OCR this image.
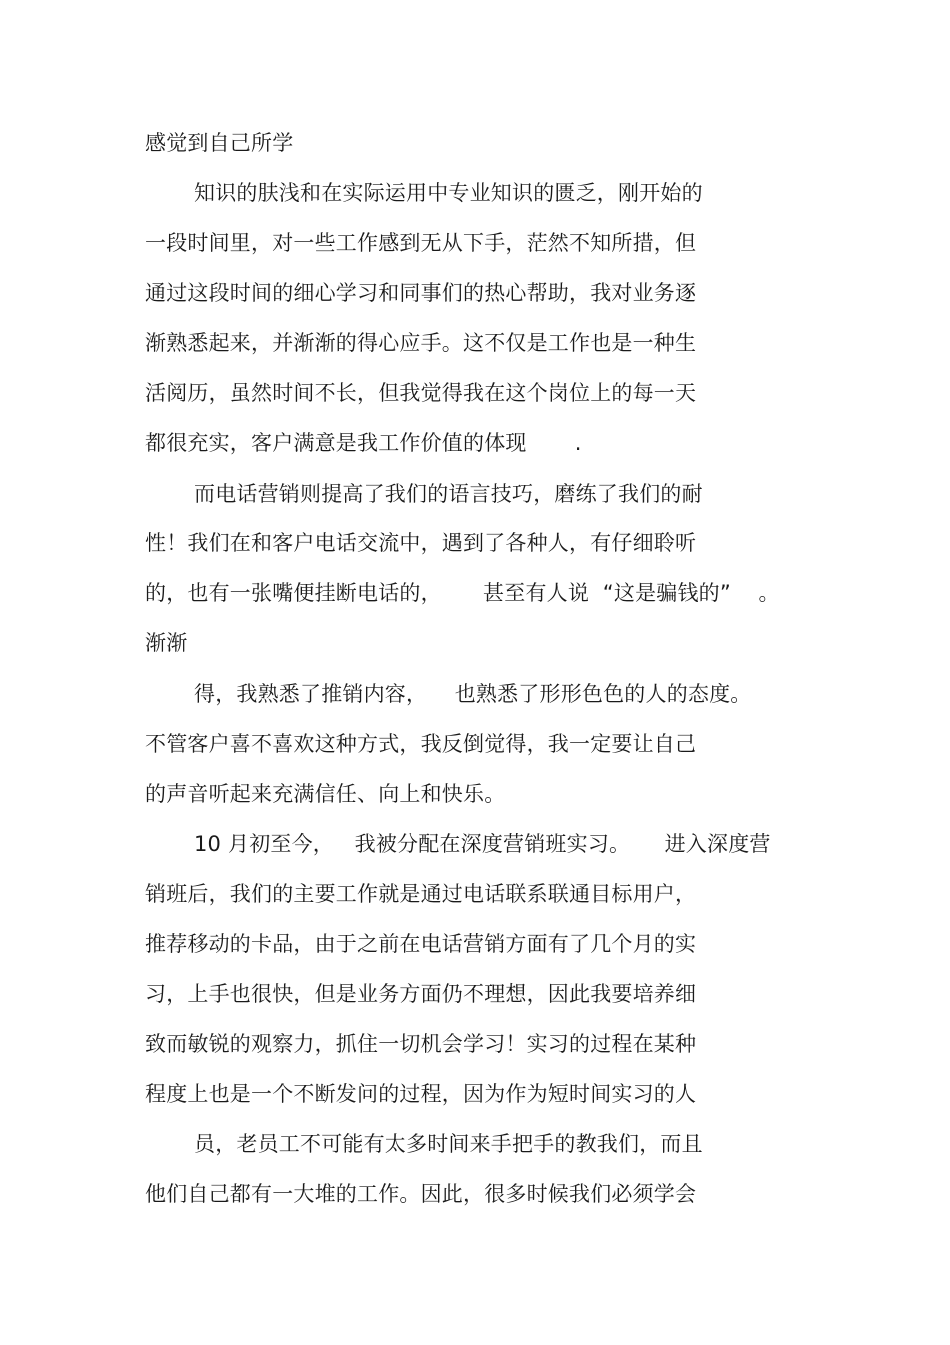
感觉到自己所学
知识的肤浅和在实际运用中专业知识的匮乏，刚开始的
一段时间里，对一些工作感到无从下手，茫然不知所措，但
通过这段时间的细心学习和同事们的热心帮助，我对业务逐
渐熟悉起来，并渐渐的得心应手。这不仅是工作也是一种生
活阅历，虽然时间不长，但我觉得我在这个岗位上的每一天
都很充实，客户满意是我工作价值的体现       .
而电话营销则提高了我们的语言技巧，磨练了我们的耐
性！我们在和客户电话交流中，遇到了各种人，有仔细聆听
的，也有一张嘴便挂断电话的，      甚至有人说  “这是骗钱的”    。
渐渐
得，我熟悉了推销内容，    也熟悉了形形色色的人的态度。
不管客户喜不喜欢这种方式，我反倒觉得，我一定要让自己
的声音听起来充满信任、向上和快乐。
10 月初至今，   我被分配在深度营销班实习。     进入深度营
销班后，我们的主要工作就是通过电话联系联通目标用户，
推荐移动的卡品，由于之前在电话营销方面有了几个月的实
习，上手也很快，但是业务方面仍不理想，因此我要培养细
致而敏锐的观察力，抓住一切机会学习！实习的过程在某种
程度上也是一个不断发问的过程，因为作为短时间实习的人
员，老员工不可能有太多时间来手把手的教我们，而且
他们自己都有一大堆的工作。因此，很多时候我们必须学会
